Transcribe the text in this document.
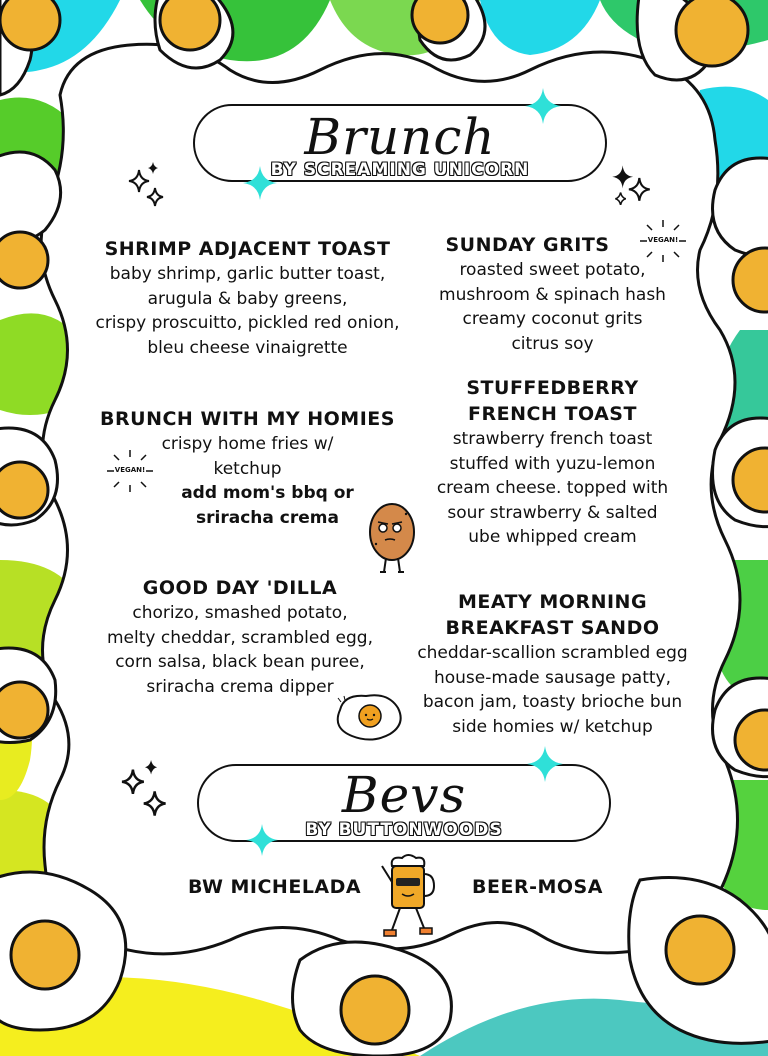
Brunch
BY SCREAMING UNICORN
SHRIMP ADJACENT TOAST
baby shrimp, garlic butter toast,
arugula & baby greens,
crispy proscuitto, pickled red onion,
bleu cheese vinaigrette
BRUNCH WITH MY HOMIES
crispy home fries w/
ketchup
add mom's bbq or
sriracha crema
VEGAN!
GOOD DAY 'DILLA
chorizo, smashed potato,
melty cheddar, scrambled egg,
corn salsa, black bean puree,
sriracha crema dipper
SUNDAY GRITS
roasted sweet potato,
mushroom & spinach hash
creamy coconut grits
citrus soy
VEGAN!
STUFFEDBERRY
FRENCH TOAST
strawberry french toast
stuffed with yuzu-lemon
cream cheese. topped with
sour strawberry & salted
ube whipped cream
MEATY MORNING
BREAKFAST SANDO
cheddar-scallion scrambled egg
house-made sausage patty,
bacon jam, toasty brioche bun
side homies w/ ketchup
Bevs
BY BUTTONWOODS
BW MICHELADA	BEER-MOSA
